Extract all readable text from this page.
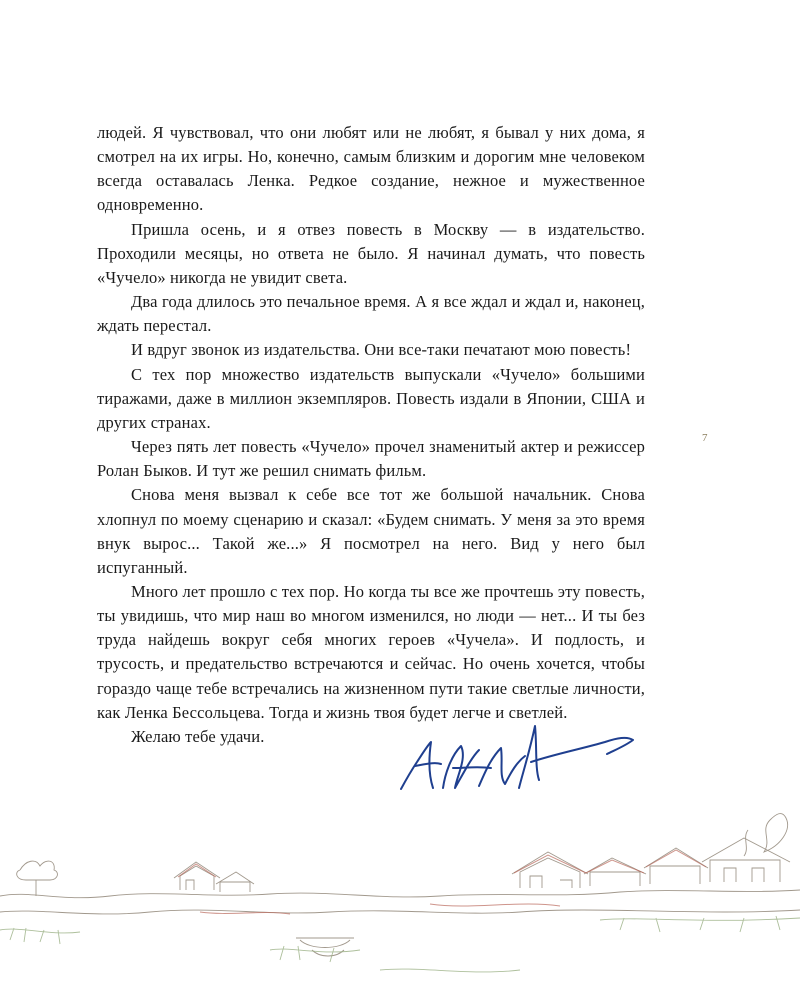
людей. Я чувствовал, что они любят или не любят, я бывал у них дома, я смотрел на их игры. Но, конечно, самым близким и дорогим мне человеком всегда оставалась Ленка. Редкое создание, нежное и мужественное одновременно.

Пришла осень, и я отвез повесть в Москву — в издательство. Проходили месяцы, но ответа не было. Я начинал думать, что повесть «Чучело» никогда не увидит света.

Два года длилось это печальное время. А я все ждал и ждал и, наконец, ждать перестал.

И вдруг звонок из издательства. Они все-таки печатают мою повесть!

С тех пор множество издательств выпускали «Чучело» большими тиражами, даже в миллион экземпляров. Повесть издали в Японии, США и других странах.

Через пять лет повесть «Чучело» прочел знаменитый актер и режиссер Ролан Быков. И тут же решил снимать фильм.

Снова меня вызвал к себе все тот же большой начальник. Снова хлопнул по моему сценарию и сказал: «Будем снимать. У меня за это время внук вырос... Такой же...» Я посмотрел на него. Вид у него был испуганный.

Много лет прошло с тех пор. Но когда ты все же прочтешь эту повесть, ты увидишь, что мир наш во многом изменился, но люди — нет... И ты без труда найдешь вокруг себя многих героев «Чучела». И подлость, и трусость, и предательство встречаются и сейчас. Но очень хочется, чтобы гораздо чаще тебе встречались на жизненном пути такие светлые личности, как Ленка Бессольцева. Тогда и жизнь твоя будет легче и светлей.

Желаю тебе удачи.

7
